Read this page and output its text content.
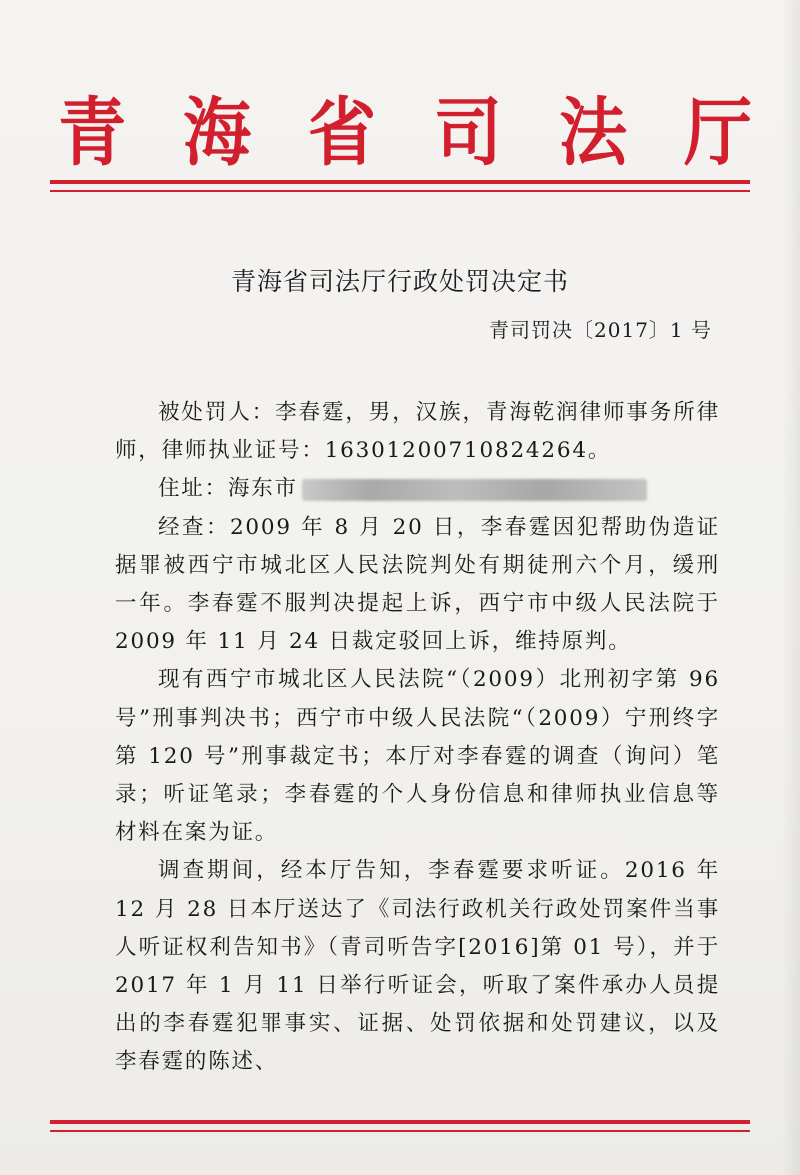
青 海 省 司 法 厅
青海省司法厅行政处罚决定书
青司罚决〔2017〕1 号

被处罚人：李春霆，男，汉族，青海乾润律师事务所律师，律师执业证号：16301200710824264。

住址：海东市

经查：2009 年 8 月 20 日，李春霆因犯帮助伪造证据罪被西宁市城北区人民法院判处有期徒刑六个月，缓刑一年。李春霆不服判决提起上诉，西宁市中级人民法院于 2009 年 11 月 24 日裁定驳回上诉，维持原判。

现有西宁市城北区人民法院“（2009）北刑初字第 96 号”刑事判决书；西宁市中级人民法院“（2009）宁刑终字第 120 号”刑事裁定书；本厅对李春霆的调查（询问）笔录；听证笔录；李春霆的个人身份信息和律师执业信息等材料在案为证。

调查期间，经本厅告知，李春霆要求听证。2016 年 12 月 28 日本厅送达了《司法行政机关行政处罚案件当事人听证权利告知书》（青司听告字[2016]第 01 号），并于 2017 年 1 月 11 日举行听证会，听取了案件承办人员提出的李春霆犯罪事实、证据、处罚依据和处罚建议，以及李春霆的陈述、
